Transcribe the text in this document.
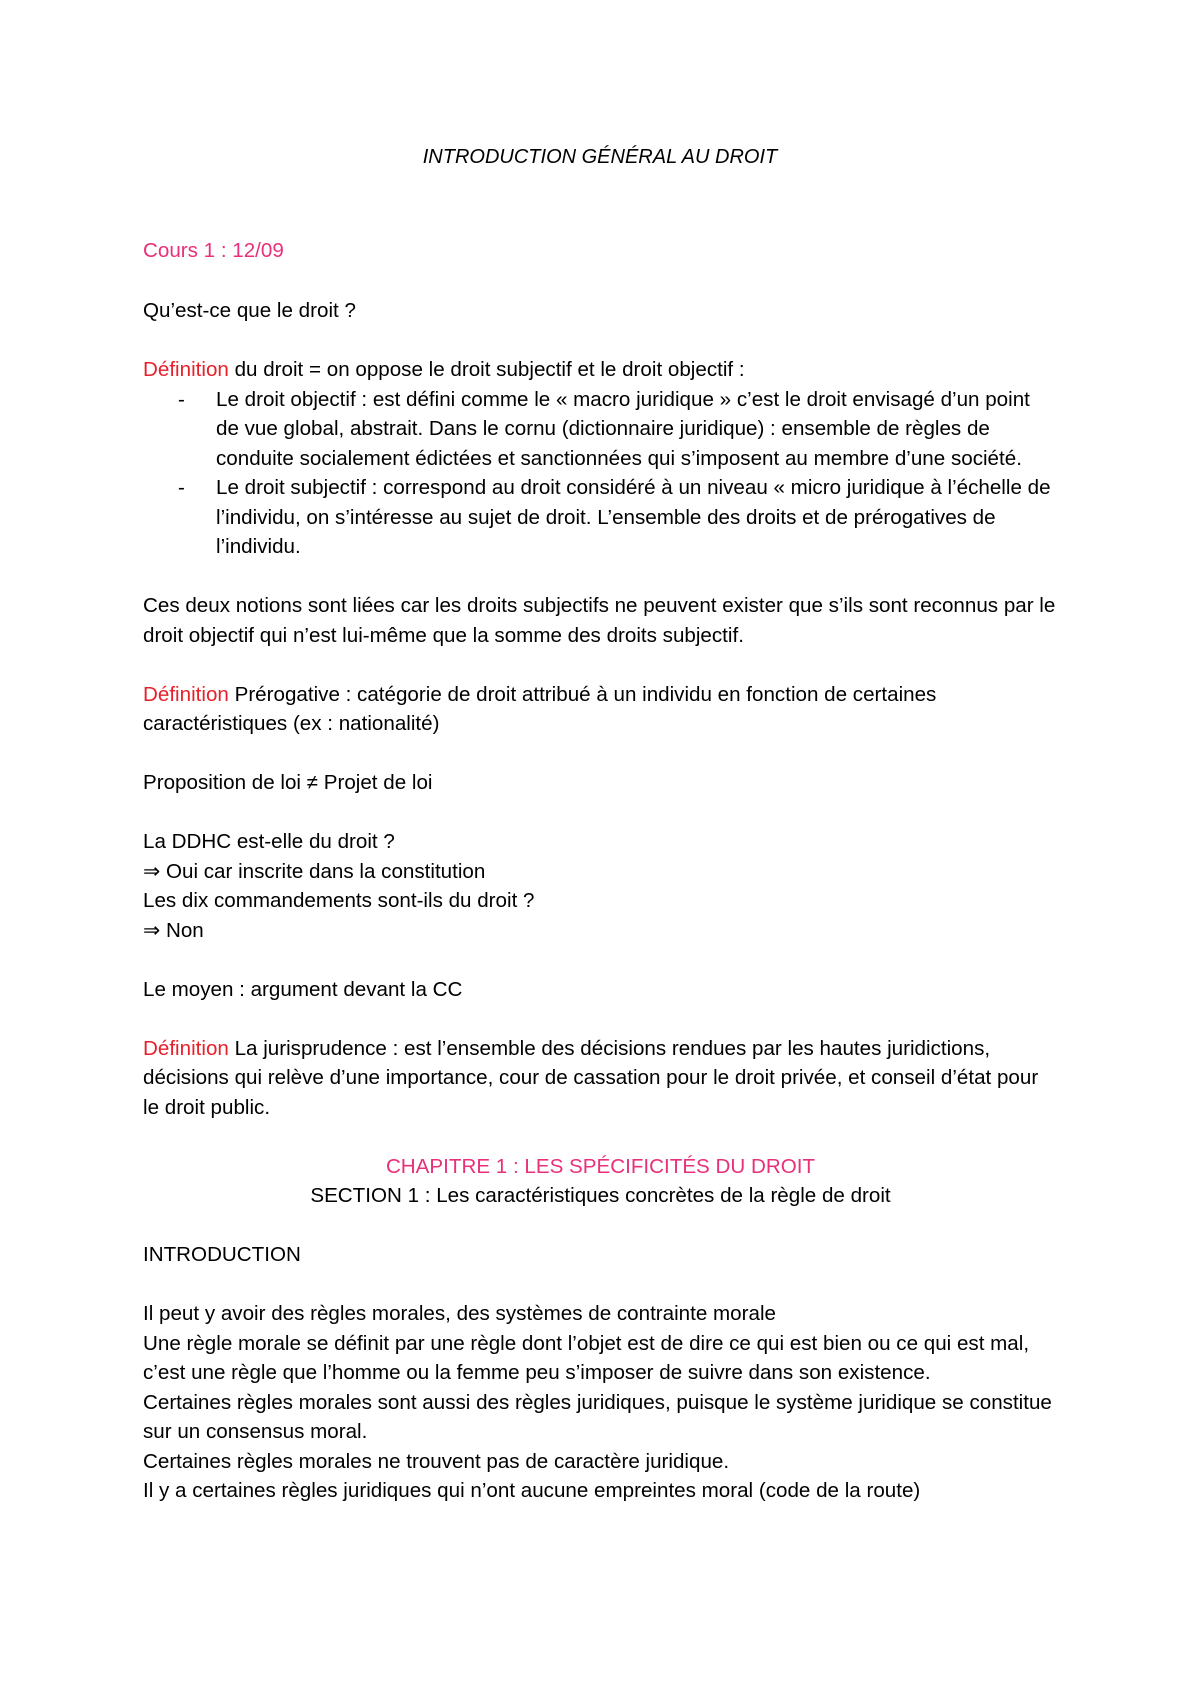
INTRODUCTION GÉNÉRAL AU DROIT

Cours 1 : 12/09

Qu’est-ce que le droit ?

Définition du droit = on oppose le droit subjectif et le droit objectif :

- Le droit objectif : est défini comme le « macro juridique » c’est le droit envisagé d’un point de vue global, abstrait. Dans le cornu (dictionnaire juridique) : ensemble de règles de conduite socialement édictées et sanctionnées qui s’imposent au membre d’une société.
- Le droit subjectif : correspond au droit considéré à un niveau « micro juridique à l’échelle de l’individu, on s’intéresse au sujet de droit. L’ensemble des droits et de prérogatives de l’individu.

Ces deux notions sont liées car les droits subjectifs ne peuvent exister que s’ils sont reconnus par le droit objectif qui n’est lui-même que la somme des droits subjectif.

Définition Prérogative : catégorie de droit attribué à un individu en fonction de certaines caractéristiques (ex : nationalité)

Proposition de loi ≠ Projet de loi

La DDHC est-elle du droit ?

⇒ Oui car inscrite dans la constitution

Les dix commandements sont-ils du droit ?

⇒ Non

Le moyen : argument devant la CC

Définition La jurisprudence : est l’ensemble des décisions rendues par les hautes juridictions, décisions qui relève d’une importance, cour de cassation pour le droit privée, et conseil d’état pour le droit public.

CHAPITRE 1 : LES SPÉCIFICITÉS DU DROIT

SECTION 1 : Les caractéristiques concrètes de la règle de droit

INTRODUCTION

Il peut y avoir des règles morales, des systèmes de contrainte morale

Une règle morale se définit par une règle dont l’objet est de dire ce qui est bien ou ce qui est mal, c’est une règle que l’homme ou la femme peu s’imposer de suivre dans son existence.

Certaines règles morales sont aussi des règles juridiques, puisque le système juridique se constitue sur un consensus moral.

Certaines règles morales ne trouvent pas de caractère juridique.

Il y a certaines règles juridiques qui n’ont aucune empreintes moral (code de la route)
